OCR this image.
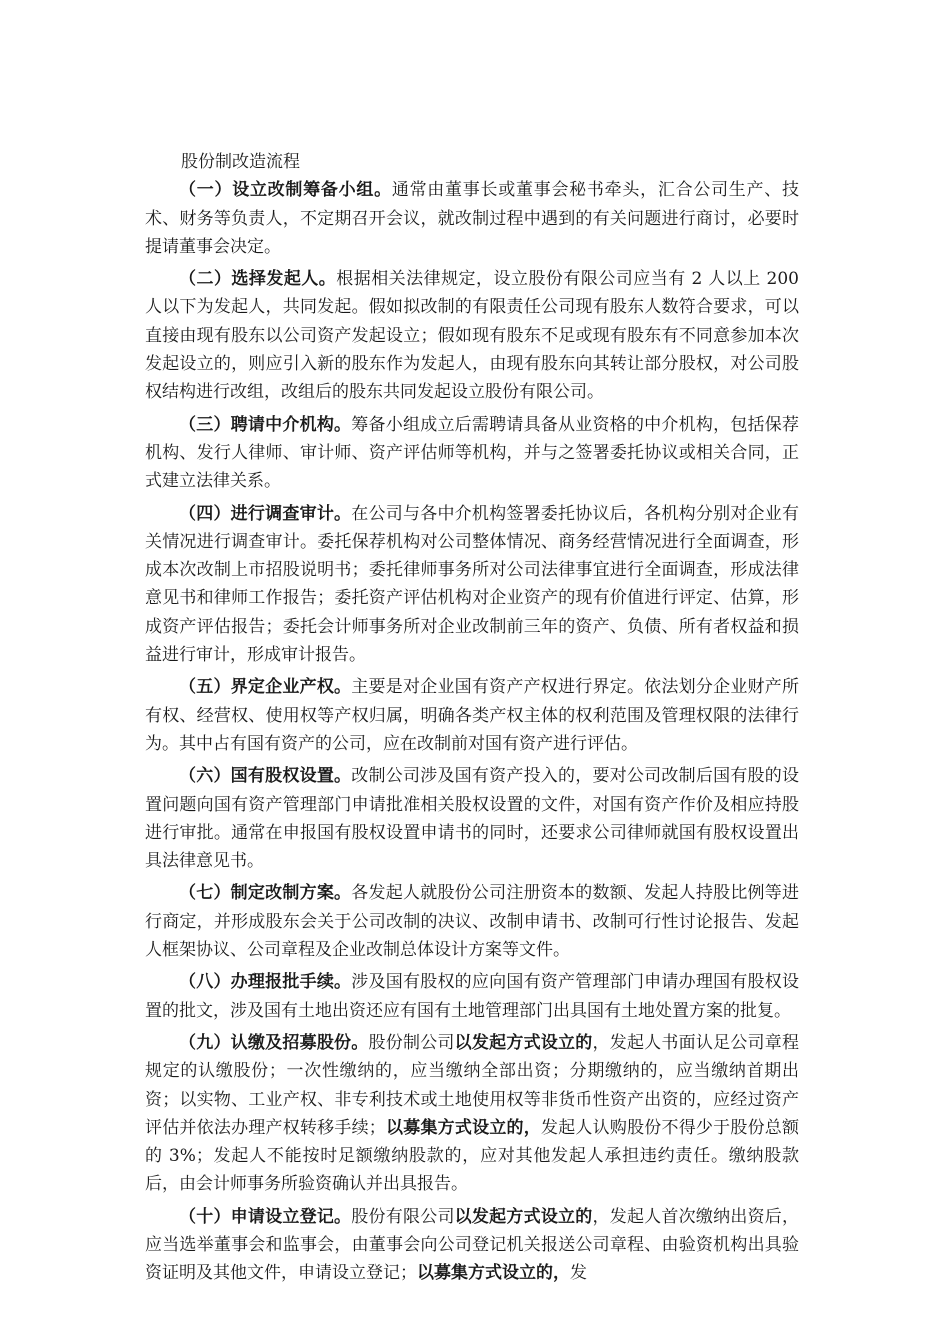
股份制改造流程

（一）设立改制筹备小组。通常由董事长或董事会秘书牵头，汇合公司生产、技术、财务等负责人，不定期召开会议，就改制过程中遇到的有关问题进行商讨，必要时提请董事会决定。

（二）选择发起人。根据相关法律规定，设立股份有限公司应当有 2 人以上 200 人以下为发起人，共同发起。假如拟改制的有限责任公司现有股东人数符合要求，可以直接由现有股东以公司资产发起设立；假如现有股东不足或现有股东有不同意参加本次发起设立的，则应引入新的股东作为发起人，由现有股东向其转让部分股权，对公司股权结构进行改组，改组后的股东共同发起设立股份有限公司。

（三）聘请中介机构。筹备小组成立后需聘请具备从业资格的中介机构，包括保荐机构、发行人律师、审计师、资产评估师等机构，并与之签署委托协议或相关合同，正式建立法律关系。

（四）进行调查审计。在公司与各中介机构签署委托协议后，各机构分别对企业有关情况进行调查审计。委托保荐机构对公司整体情况、商务经营情况进行全面调查，形成本次改制上市招股说明书；委托律师事务所对公司法律事宜进行全面调查，形成法律意见书和律师工作报告；委托资产评估机构对企业资产的现有价值进行评定、估算，形成资产评估报告；委托会计师事务所对企业改制前三年的资产、负债、所有者权益和损益进行审计，形成审计报告。

（五）界定企业产权。主要是对企业国有资产产权进行界定。依法划分企业财产所有权、经营权、使用权等产权归属，明确各类产权主体的权利范围及管理权限的法律行为。其中占有国有资产的公司，应在改制前对国有资产进行评估。

（六）国有股权设置。改制公司涉及国有资产投入的，要对公司改制后国有股的设置问题向国有资产管理部门申请批准相关股权设置的文件，对国有资产作价及相应持股进行审批。通常在申报国有股权设置申请书的同时，还要求公司律师就国有股权设置出具法律意见书。

（七）制定改制方案。各发起人就股份公司注册资本的数额、发起人持股比例等进行商定，并形成股东会关于公司改制的决议、改制申请书、改制可行性讨论报告、发起人框架协议、公司章程及企业改制总体设计方案等文件。

（八）办理报批手续。涉及国有股权的应向国有资产管理部门申请办理国有股权设置的批文，涉及国有土地出资还应有国有土地管理部门出具国有土地处置方案的批复。

（九）认缴及招募股份。股份制公司以发起方式设立的，发起人书面认足公司章程规定的认缴股份；一次性缴纳的，应当缴纳全部出资；分期缴纳的，应当缴纳首期出资；以实物、工业产权、非专利技术或土地使用权等非货币性资产出资的，应经过资产评估并依法办理产权转移手续；以募集方式设立的，发起人认购股份不得少于股份总额的 3%；发起人不能按时足额缴纳股款的，应对其他发起人承担违约责任。缴纳股款后，由会计师事务所验资确认并出具报告。

（十）申请设立登记。股份有限公司以发起方式设立的，发起人首次缴纳出资后，应当选举董事会和监事会，由董事会向公司登记机关报送公司章程、由验资机构出具验资证明及其他文件，申请设立登记；以募集方式设立的，发
